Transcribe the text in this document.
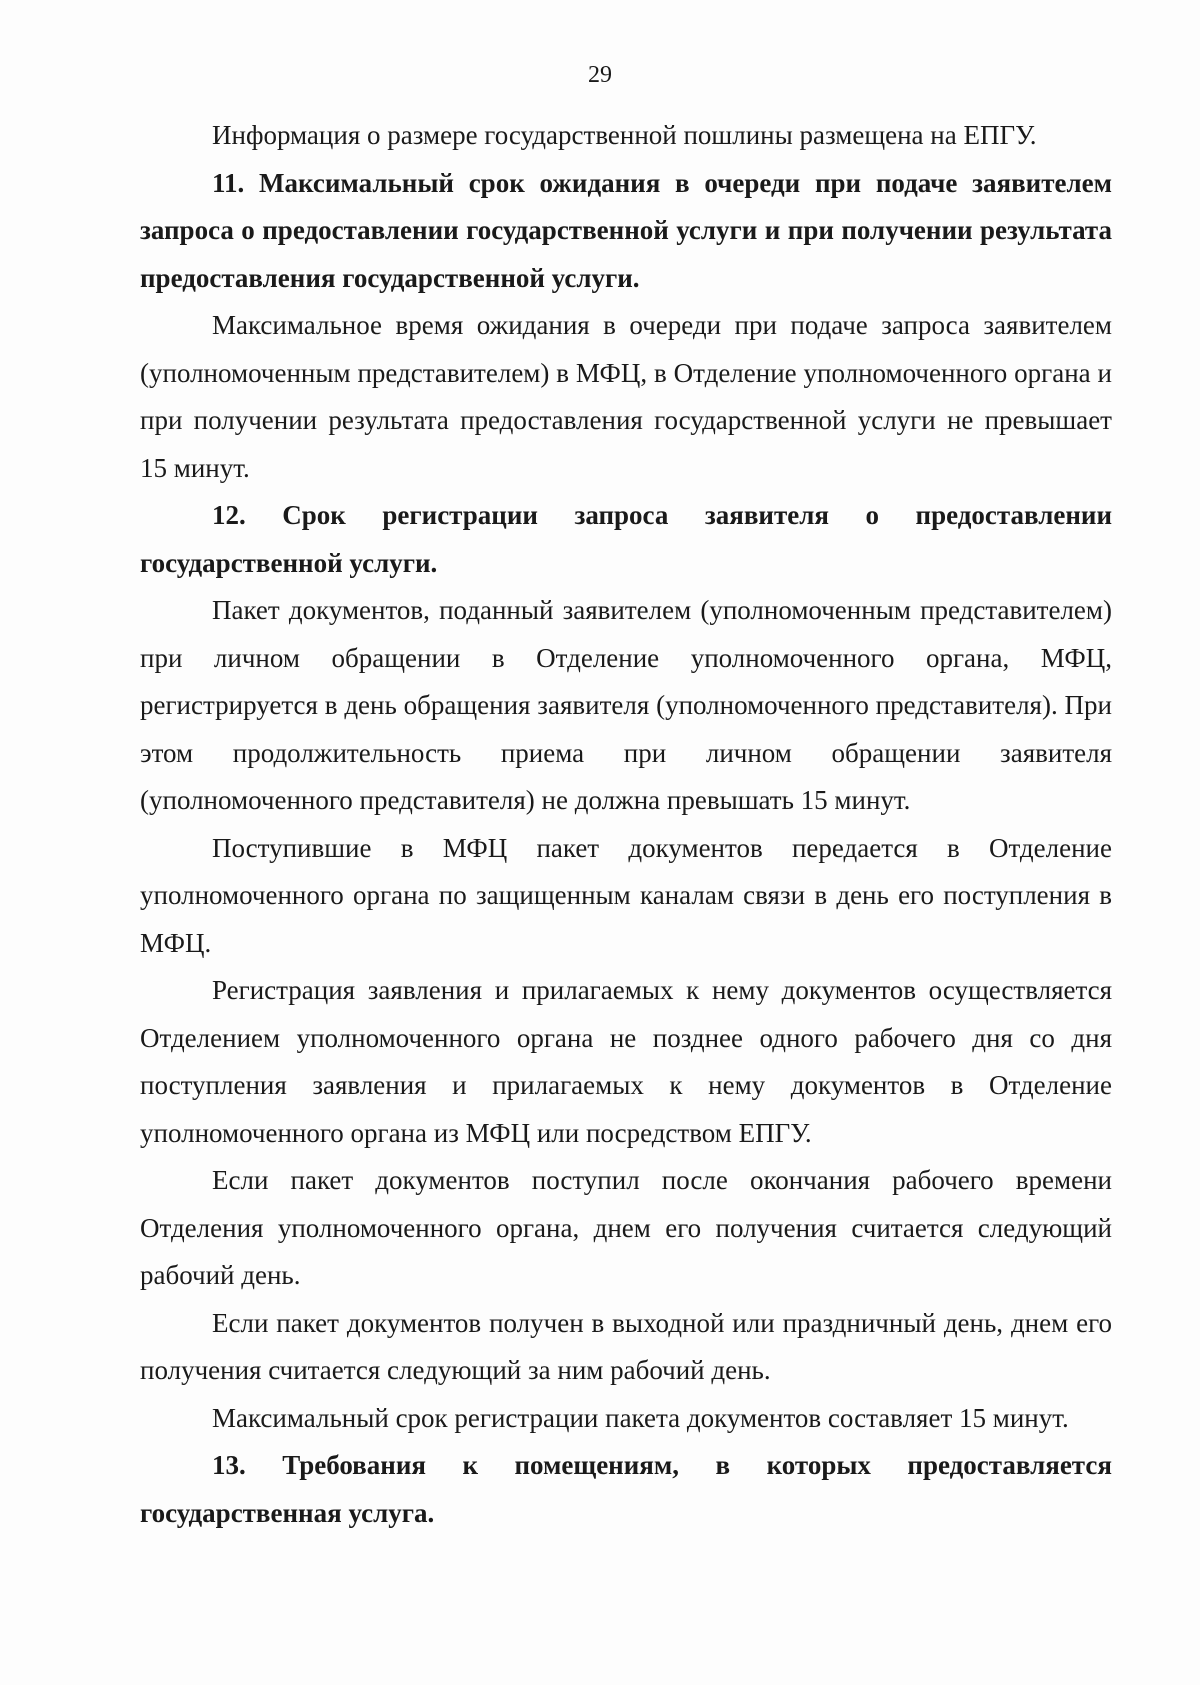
29

Информация о размере государственной пошлины размещена на ЕПГУ.

11. Максимальный срок ожидания в очереди при подаче заявителем запроса о предоставлении государственной услуги и при получении результата предоставления государственной услуги.

Максимальное время ожидания в очереди при подаче запроса заявителем (уполномоченным представителем) в МФЦ, в Отделение уполномоченного органа и при получении результата предоставления государственной услуги не превышает 15 минут.

12. Срок регистрации запроса заявителя о предоставлении государственной услуги.

Пакет документов, поданный заявителем (уполномоченным представителем) при личном обращении в Отделение уполномоченного органа, МФЦ, регистрируется в день обращения заявителя (уполномоченного представителя). При этом продолжительность приема при личном обращении заявителя (уполномоченного представителя) не должна превышать 15 минут.

Поступившие в МФЦ пакет документов передается в Отделение уполномоченного органа по защищенным каналам связи в день его поступления в МФЦ.

Регистрация заявления и прилагаемых к нему документов осуществляется Отделением уполномоченного органа не позднее одного рабочего дня со дня поступления заявления и прилагаемых к нему документов в Отделение уполномоченного органа из МФЦ или посредством ЕПГУ.

Если пакет документов поступил после окончания рабочего времени Отделения уполномоченного органа, днем его получения считается следующий рабочий день.

Если пакет документов получен в выходной или праздничный день, днем его получения считается следующий за ним рабочий день.

Максимальный срок регистрации пакета документов составляет 15 минут.

13. Требования к помещениям, в которых предоставляется государственная услуга.
